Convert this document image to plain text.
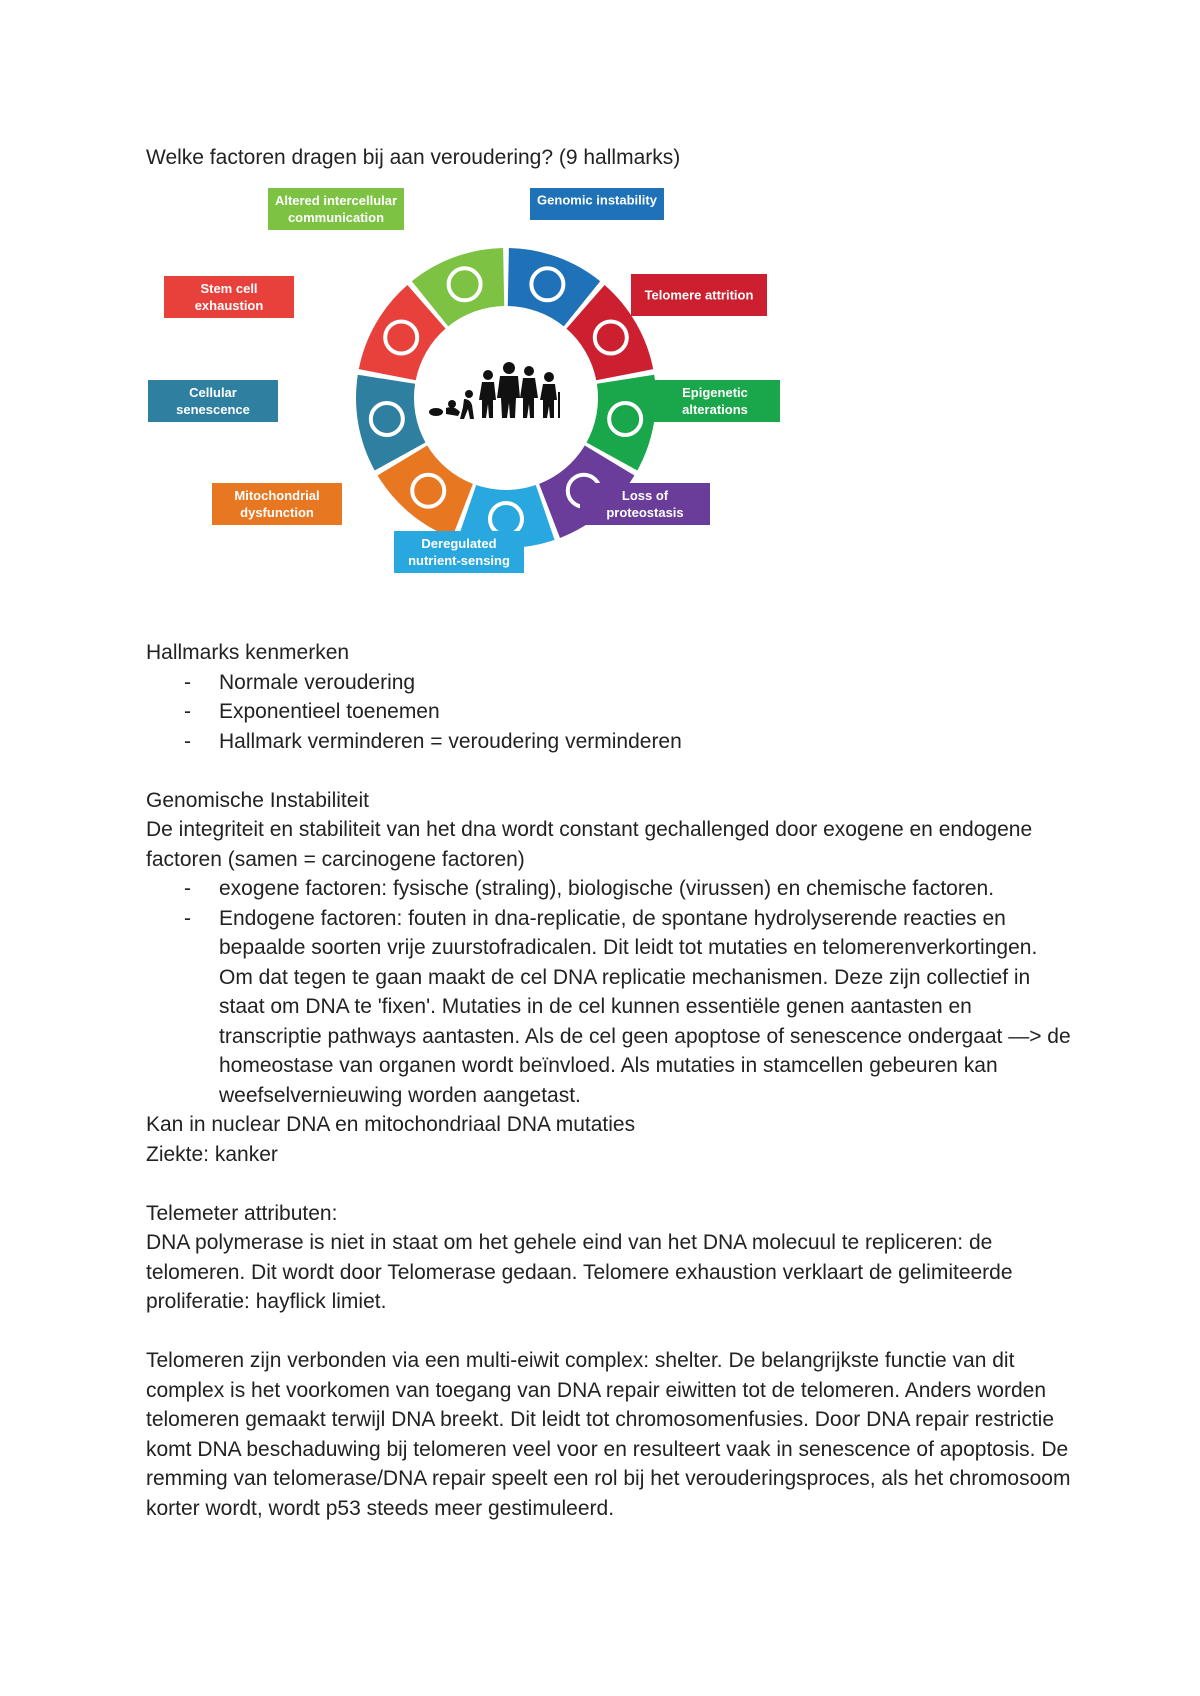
Welke factoren dragen bij aan veroudering? (9 hallmarks)

Altered intercellular
communication
Genomic instability
Telomere attrition
Epigenetic
alterations
Loss of
proteostasis
Deregulated
nutrient-sensing
Mitochondrial
dysfunction
Cellular
senescence
Stem cell
exhaustion

Hallmarks kenmerken

- Normale veroudering
- Exponentieel toenemen
- Hallmark verminderen = veroudering verminderen

Genomische Instabiliteit

De integriteit en stabiliteit van het dna wordt constant gechallenged door exogene en endogene factoren (samen = carcinogene factoren)

- exogene factoren: fysische (straling), biologische (virussen) en chemische factoren.
- Endogene factoren: fouten in dna-replicatie, de spontane hydrolyserende reacties en bepaalde soorten vrije zuurstofradicalen. Dit leidt tot mutaties en telomerenverkortingen. Om dat tegen te gaan maakt de cel DNA replicatie mechanismen. Deze zijn collectief in staat om DNA te 'fixen'. Mutaties in de cel kunnen essentiële genen aantasten en transcriptie pathways aantasten. Als de cel geen apoptose of senescence ondergaat —> de homeostase van organen wordt beïnvloed. Als mutaties in stamcellen gebeuren kan weefselvernieuwing worden aangetast.

Kan in nuclear DNA en mitochondriaal DNA mutaties

Ziekte: kanker

Telemeter attributen:

DNA polymerase is niet in staat om het gehele eind van het DNA molecuul te repliceren: de telomeren. Dit wordt door Telomerase gedaan. Telomere exhaustion verklaart de gelimiteerde proliferatie: hayflick limiet.

Telomeren zijn verbonden via een multi-eiwit complex: shelter. De belangrijkste functie van dit complex is het voorkomen van toegang van DNA repair eiwitten tot de telomeren. Anders worden telomeren gemaakt terwijl DNA breekt. Dit leidt tot chromosomenfusies. Door DNA repair restrictie komt DNA beschaduwing bij telomeren veel voor en resulteert vaak in senescence of apoptosis. De remming van telomerase/DNA repair speelt een rol bij het verouderingsproces, als het chromosoom korter wordt, wordt p53 steeds meer gestimuleerd.
